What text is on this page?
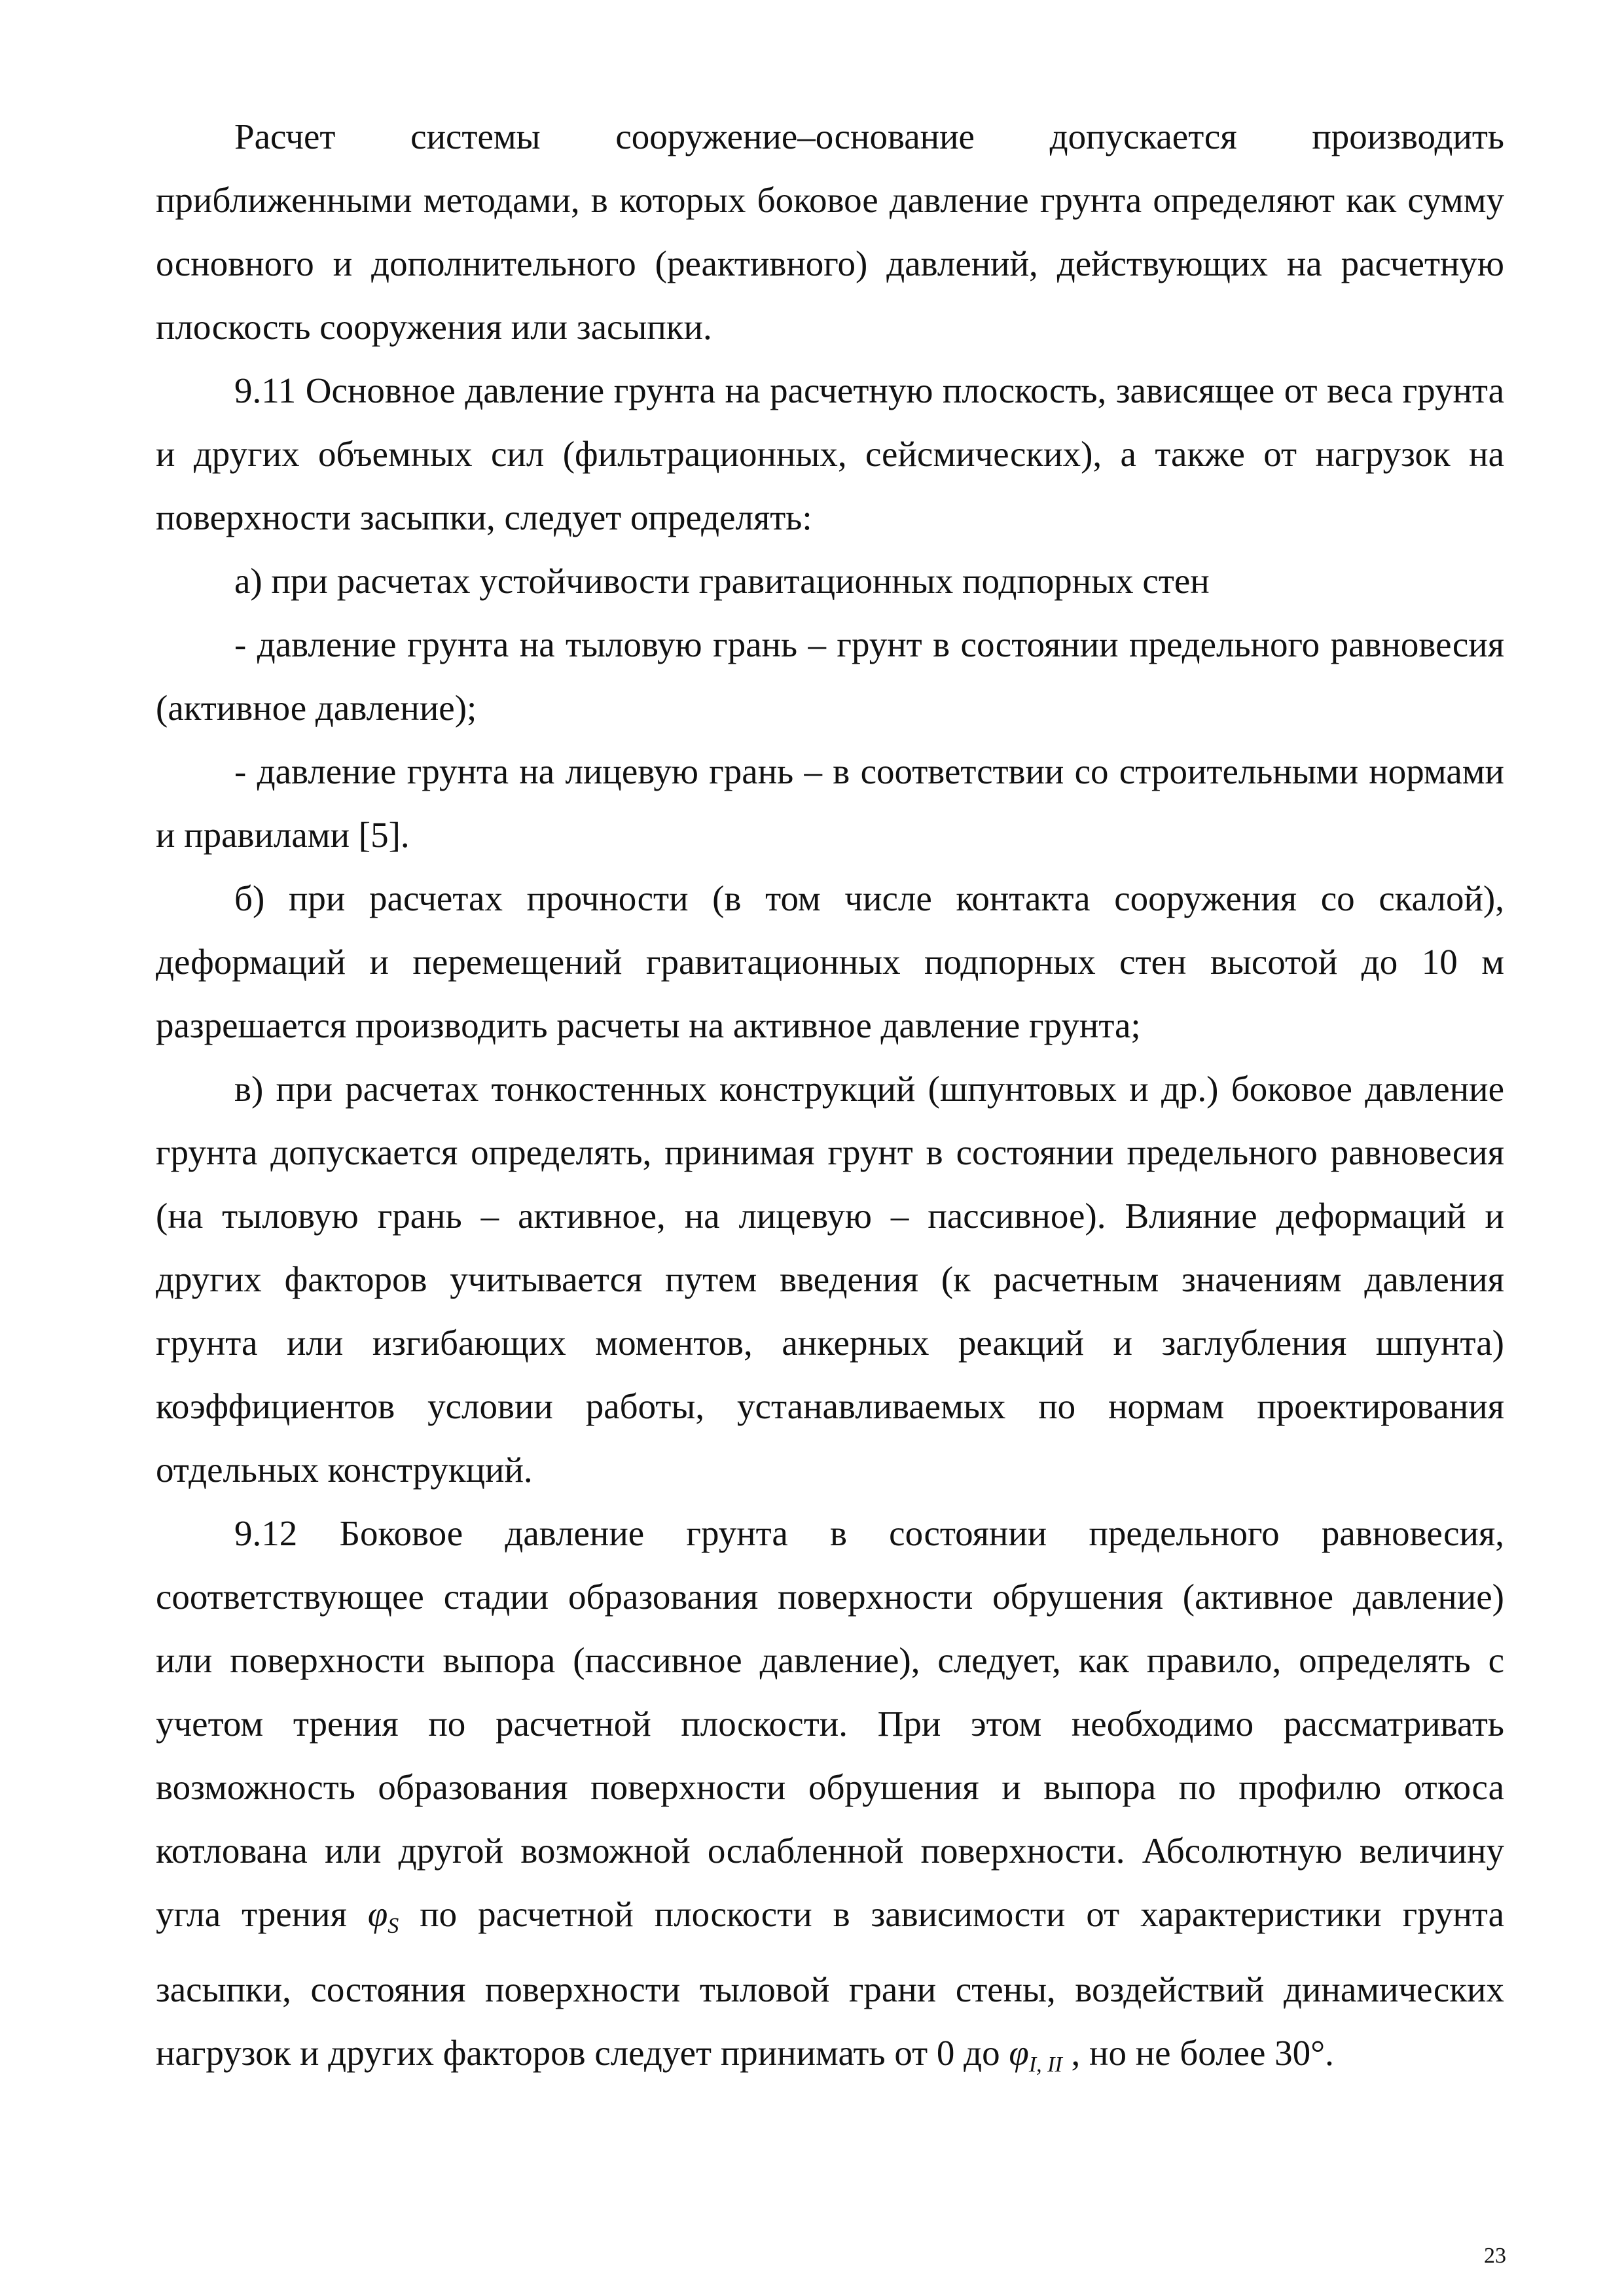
Расчет системы сооружение–основание допускается производить приближенными методами, в которых боковое давление грунта определяют как сумму основного и дополнительного (реактивного) давлений, действующих на расчетную плоскость сооружения или засыпки.

9.11 Основное давление грунта на расчетную плоскость, зависящее от веса грунта и других объемных сил (фильтрационных, сейсмических), а также от нагрузок на поверхности засыпки, следует определять:

а) при расчетах устойчивости гравитационных подпорных стен

- давление грунта на тыловую грань – грунт в состоянии предельного равновесия (активное давление);

- давление грунта на лицевую грань – в соответствии со строительными нормами и правилами [5].

б) при расчетах прочности (в том числе контакта сооружения со скалой), деформаций и перемещений гравитационных подпорных стен высотой до 10 м разрешается производить расчеты на активное давление грунта;

в) при расчетах тонкостенных конструкций (шпунтовых и др.) боковое давление грунта допускается определять, принимая грунт в состоянии предельного равновесия (на тыловую грань – активное, на лицевую – пассивное). Влияние деформаций и других факторов учитывается путем введения (к расчетным значениям давления грунта или изгибающих моментов, анкерных реакций и заглубления шпунта) коэффициентов условии работы, устанавливаемых по нормам проектирования отдельных конструкций.

9.12 Боковое давление грунта в состоянии предельного равновесия, соответствующее стадии образования поверхности обрушения (активное давление) или поверхности выпора (пассивное давление), следует, как правило, определять с учетом трения по расчетной плоскости. При этом необходимо рассматривать возможность образования поверхности обрушения и выпора по профилю откоса котлована или другой возможной ослабленной поверхности. Абсолютную величину угла трения $\varphi_S$ по расчетной плоскости в зависимости от характеристики грунта засыпки, состояния поверхности тыловой грани стены, воздействий динамических нагрузок и других факторов следует принимать от 0 до $\varphi_{I, II}$ , но не более 30°.

23
